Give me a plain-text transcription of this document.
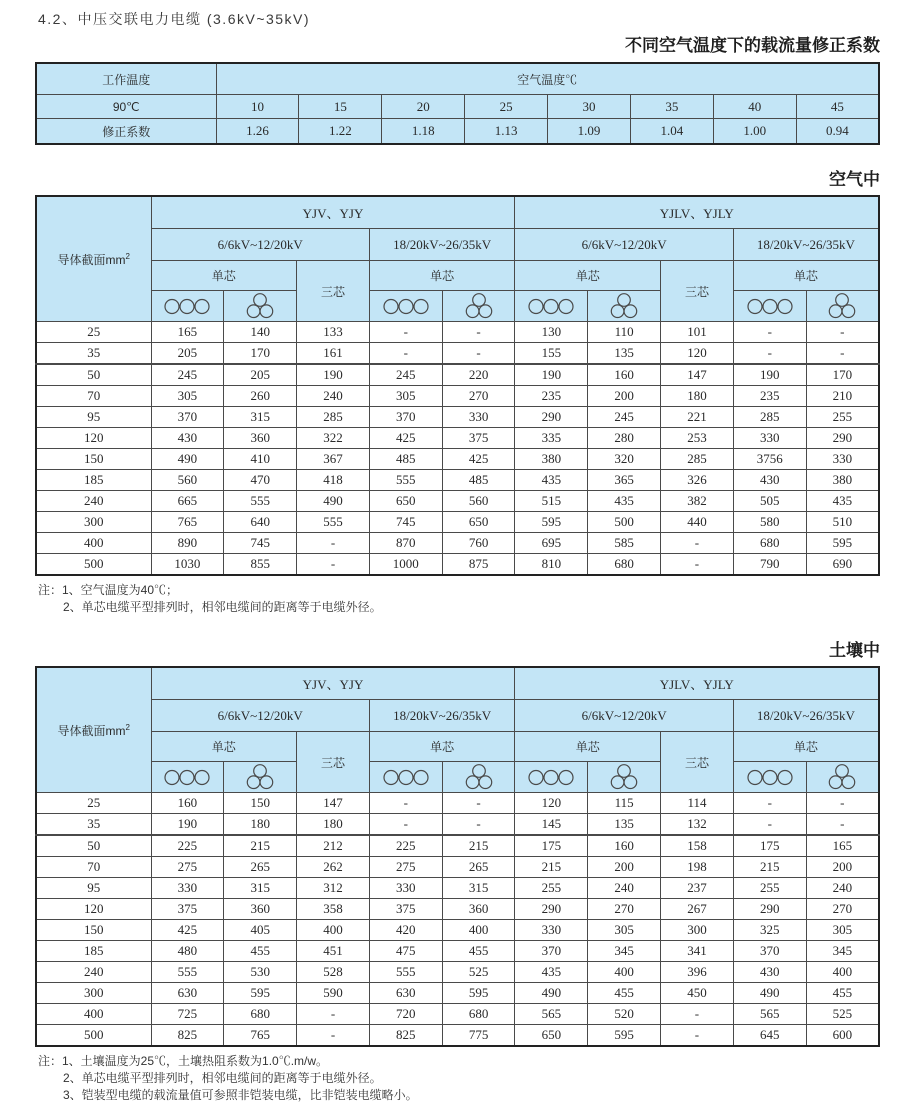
4.2、中压交联电力电缆 (3.6kV~35kV)
不同空气温度下的载流量修正系数
工作温度	空气温度℃							
90℃	10	15	20	25	30	35	40	45
修正系数	1.26	1.22	1.18	1.13	1.09	1.04	1.00	0.94
空气中
导体截面$mm^2$	YJV、YJY					YJLV、YJLY				
	6/6kV~12/20kV			18/20kV~26/35kV		6/6kV~12/20kV			18/20kV~26/35kV	
	单芯		三芯	单芯		单芯		三芯	单芯	

25	165	140	133	-	-	130	110	101	-	-
35	205	170	161	-	-	155	135	120	-	-
50	245	205	190	245	220	190	160	147	190	170
70	305	260	240	305	270	235	200	180	235	210
95	370	315	285	370	330	290	245	221	285	255
120	430	360	322	425	375	335	280	253	330	290
150	490	410	367	485	425	380	320	285	3756	330
185	560	470	418	555	485	435	365	326	430	380
240	665	555	490	650	560	515	435	382	505	435
300	765	640	555	745	650	595	500	440	580	510
400	890	745	-	870	760	695	585	-	680	595
500	1030	855	-	1000	875	810	680	-	790	690
注：1、空气温度为40℃；
2、单芯电缆平型排列时，相邻电缆间的距离等于电缆外径。
土壤中
导体截面$mm^2$	YJV、YJY					YJLV、YJLY				
	6/6kV~12/20kV			18/20kV~26/35kV		6/6kV~12/20kV			18/20kV~26/35kV	
	单芯		三芯	单芯		单芯		三芯	单芯	

25	160	150	147	-	-	120	115	114	-	-
35	190	180	180	-	-	145	135	132	-	-
50	225	215	212	225	215	175	160	158	175	165
70	275	265	262	275	265	215	200	198	215	200
95	330	315	312	330	315	255	240	237	255	240
120	375	360	358	375	360	290	270	267	290	270
150	425	405	400	420	400	330	305	300	325	305
185	480	455	451	475	455	370	345	341	370	345
240	555	530	528	555	525	435	400	396	430	400
300	630	595	590	630	595	490	455	450	490	455
400	725	680	-	720	680	565	520	-	565	525
500	825	765	-	825	775	650	595	-	645	600
注：1、土壤温度为25℃，土壤热阻系数为1.0℃.m/w。
2、单芯电缆平型排列时，相邻电缆间的距离等于电缆外径。
3、铠装型电缆的载流量值可参照非铠装电缆，比非铠装电缆略小。
